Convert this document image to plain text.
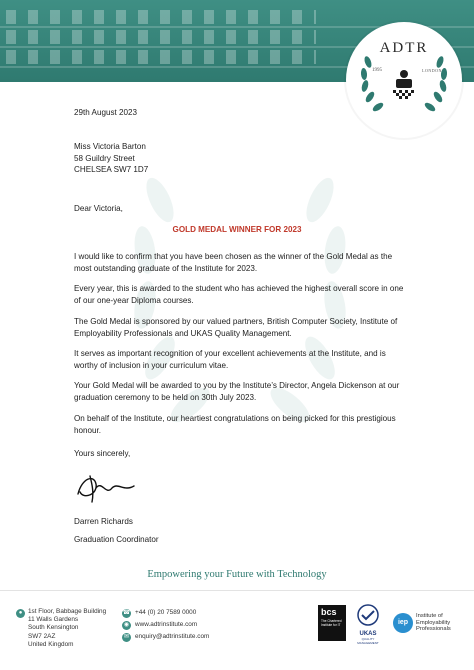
ADTR
1995	LONDON
29th August 2023
Miss Victoria Barton
58 Guildry Street
CHELSEA SW7 1D7
Dear Victoria,
GOLD MEDAL WINNER FOR 2023
I would like to confirm that you have been chosen as the winner of the Gold Medal as the most outstanding graduate of the Institute for 2023.
Every year, this is awarded to the student who has achieved the highest overall score in one of our one-year Diploma courses.
The Gold Medal is sponsored by our valued partners, British Computer Society, Institute of Employability Professionals and UKAS Quality Management.
It serves as important recognition of your excellent achievements at the Institute, and is worthy of inclusion in your curriculum vitae.
Your Gold Medal will be awarded to you by the Institute’s Director, Angela Dickenson at our graduation ceremony to be held on 30th July 2023.
On behalf of the Institute, our heartiest congratulations on being picked for this prestigious honour.
Yours sincerely,
Darren Richards
Graduation Coordinator
Empowering your Future with Technology
● 1st Floor, Babbage Building
11 Walls Gardens
South Kensington
SW7 2AZ
United Kingdom
☎ +44 (0) 20 7589 0000
◉ www.adtrinstitute.com
✉ enquiry@adtrinstitute.com
bcs
The Chartered Institute for IT
UKAS
QUALITY MANAGEMENT
iep
Institute of Employability Professionals
